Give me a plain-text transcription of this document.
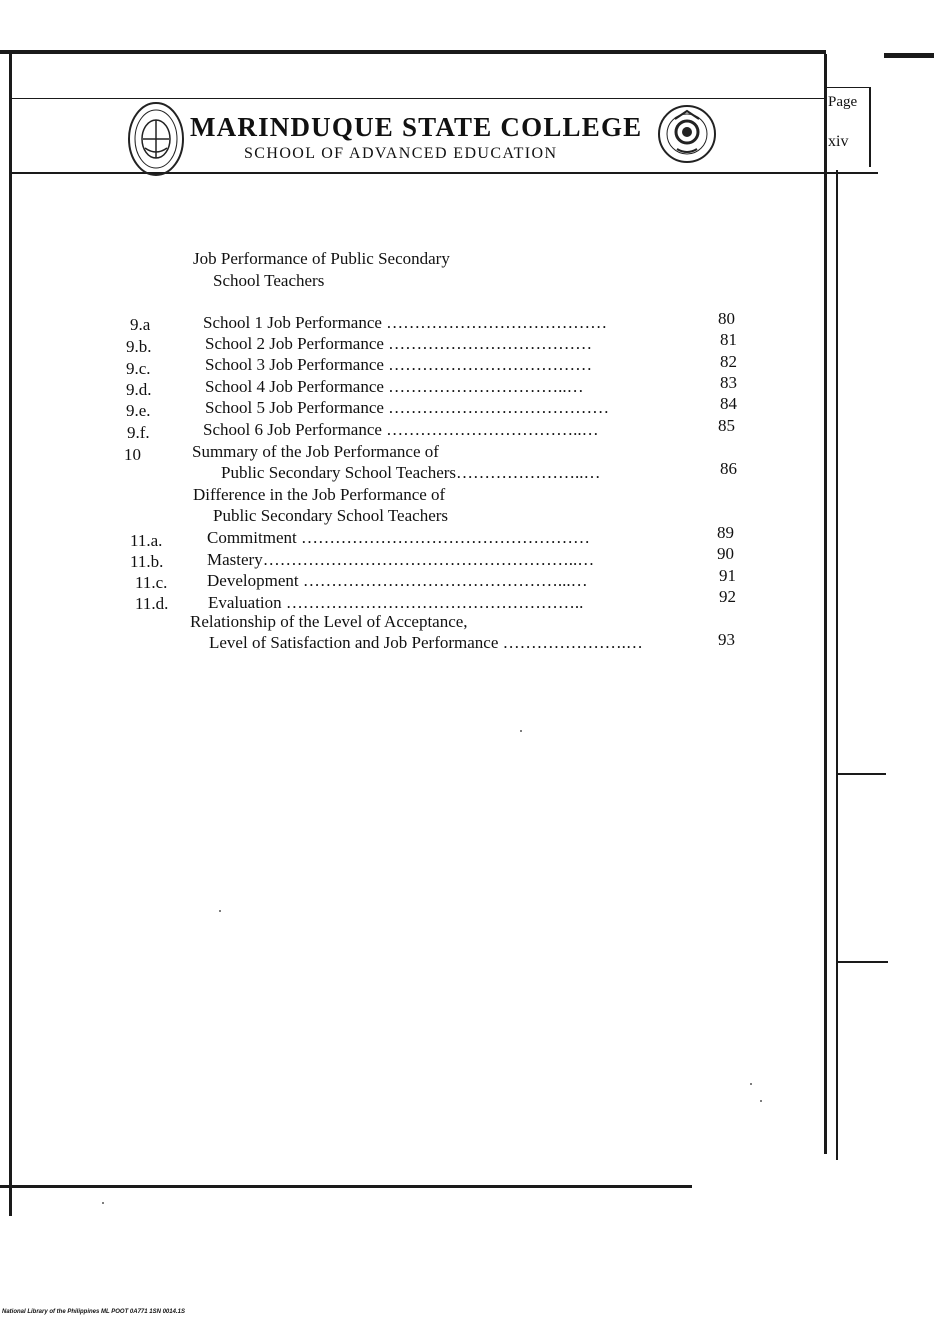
MARINDUQUE STATE COLLEGE
SCHOOL OF ADVANCED EDUCATION
Page
xiv
Job Performance of Public Secondary
School Teachers
9.a	School 1 Job Performance …………………………………	80
9.b.	School 2 Job Performance ………………………………	81
9.c.	School 3 Job Performance ………………………………	82
9.d.	School 4 Job Performance …………………………..…	83
9.e.	School 5 Job Performance …………………………………	84
9.f.	School 6 Job Performance ……………………………..…	85
10	Summary of the Job Performance of
Public Secondary School Teachers…………………..…	86
Difference in the Job Performance of
Public Secondary School Teachers
11.a.	Commitment ……………………………………………	89
11.b.	Mastery………………………………………………..…	90
11.c. Development ………………………………………...…	91
11.d. Evaluation ……………………………………………..	92
Relationship of the Level of Acceptance,
Level of Satisfaction and Job Performance ………………….…	93
National Library of the Philippines ML POOT 0A771 1SN 0014.1S
